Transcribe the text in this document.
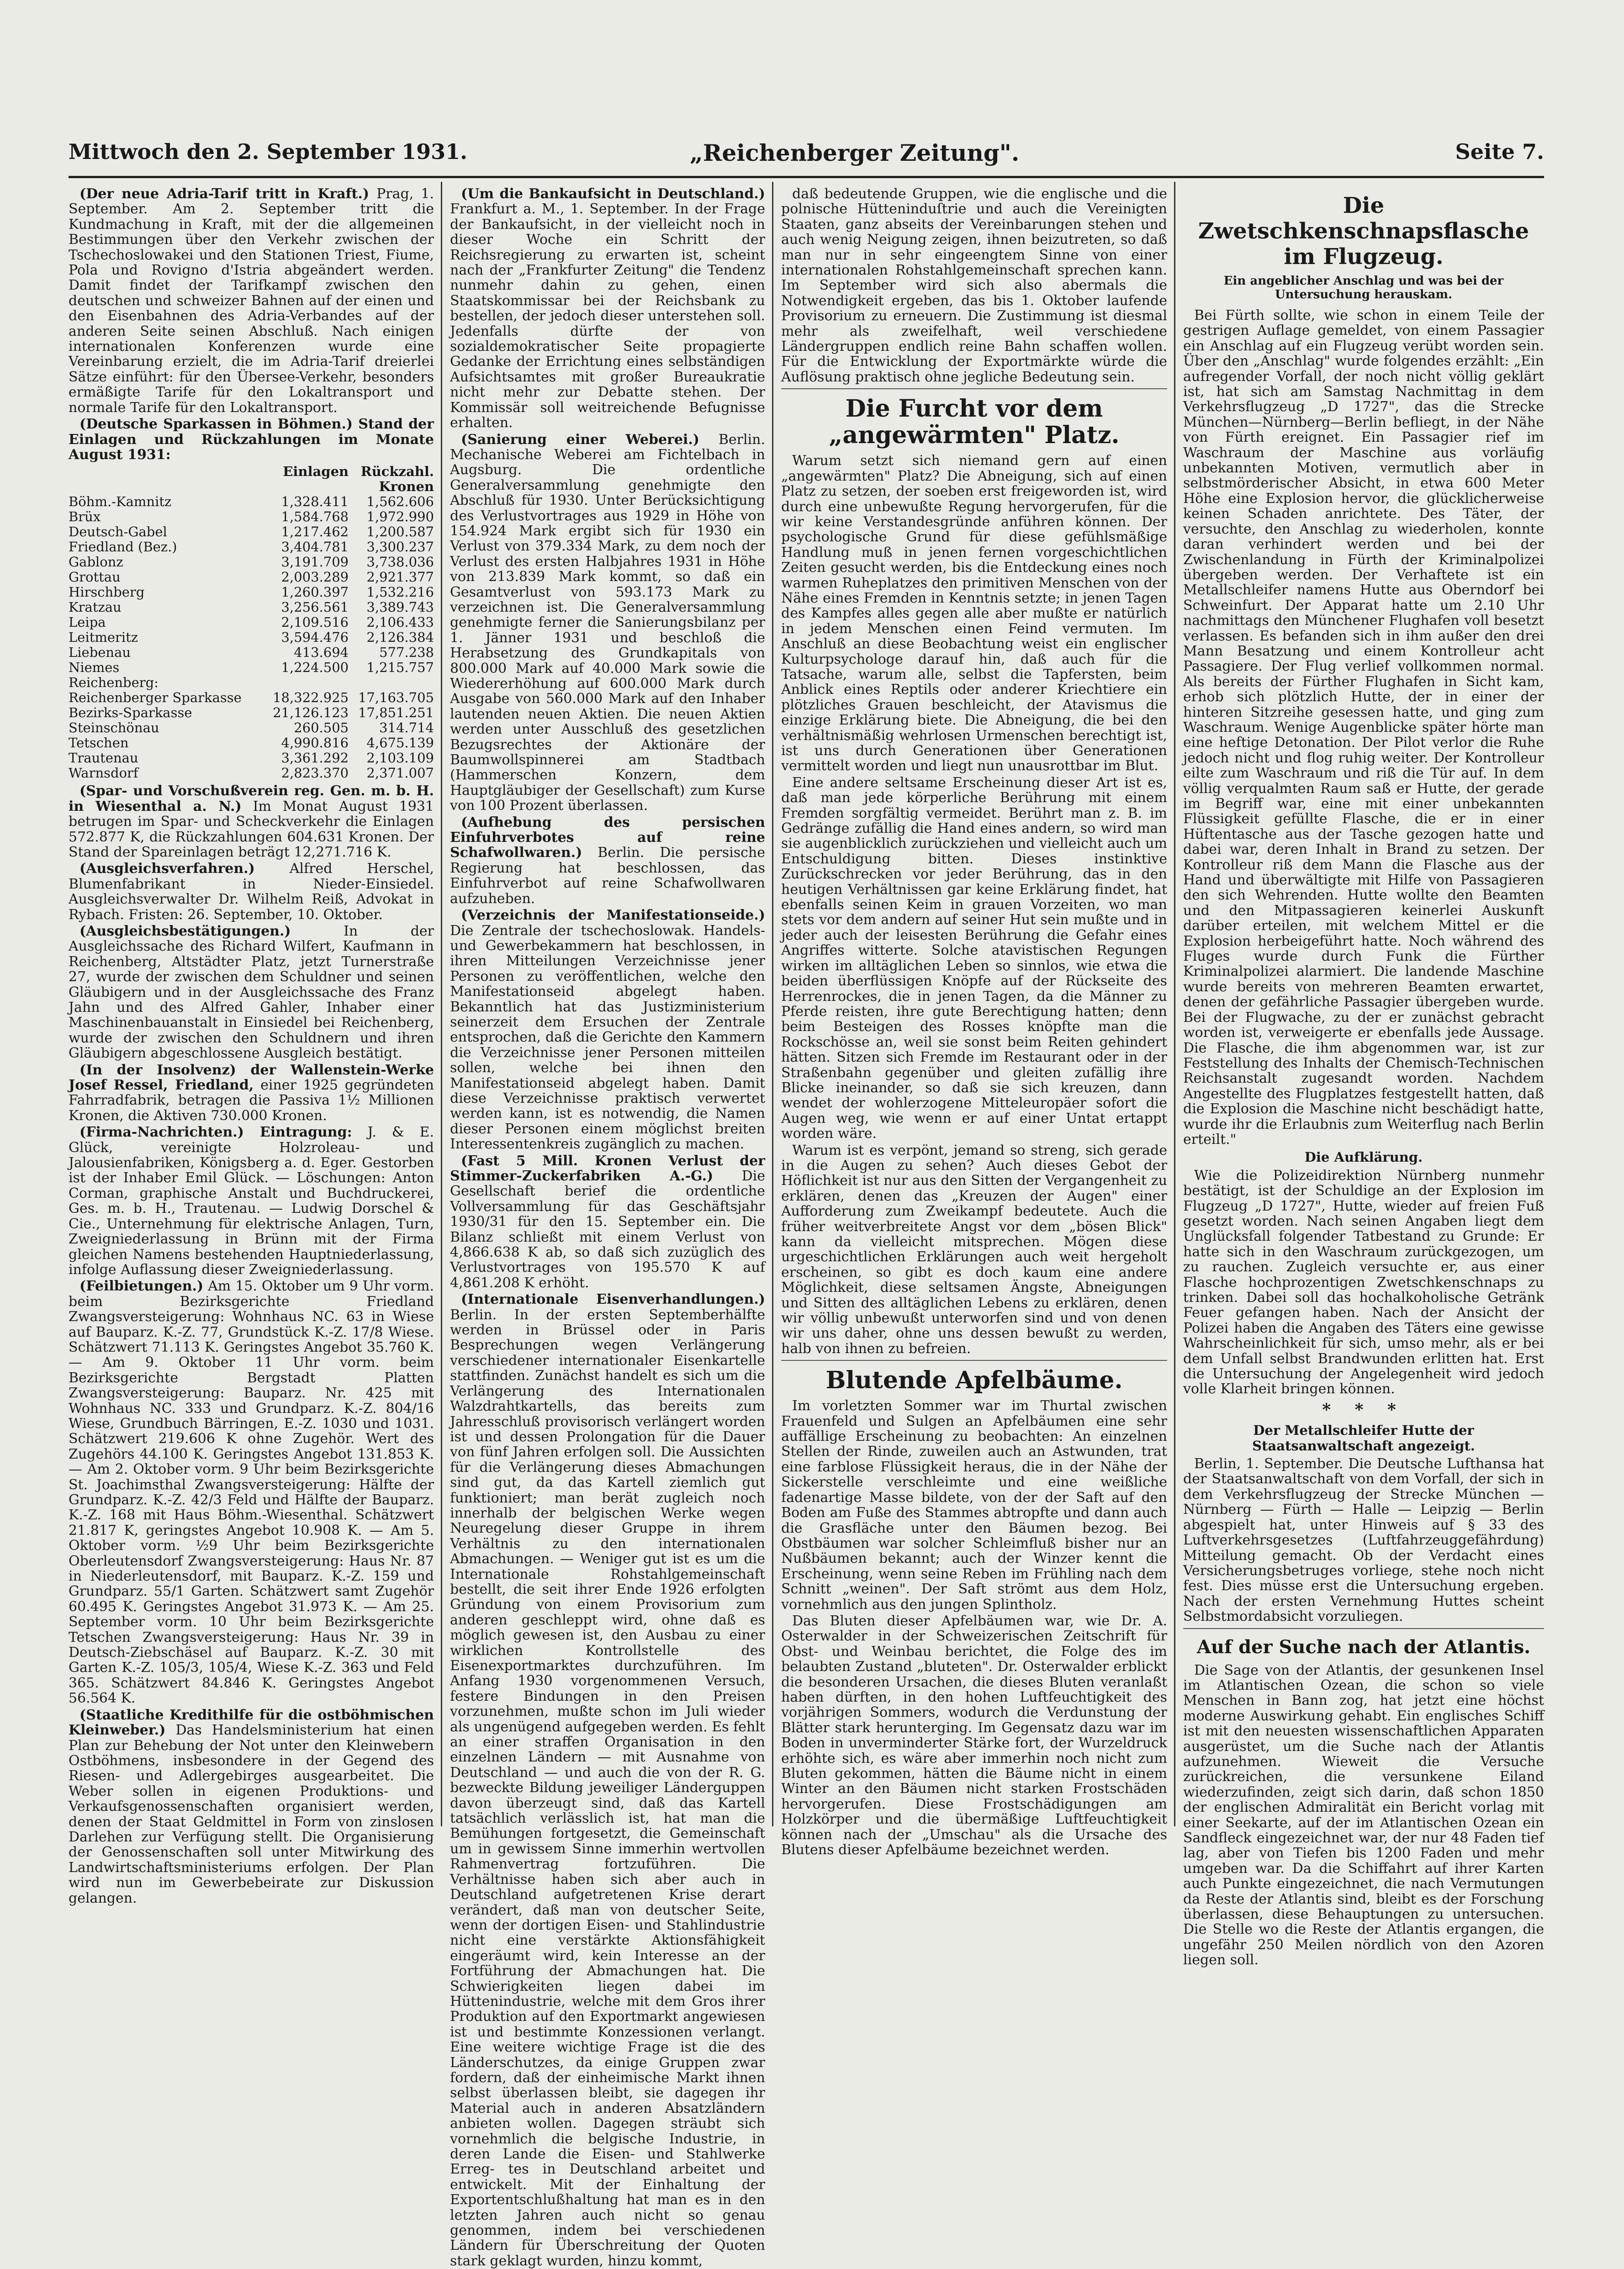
Mittwoch den 2. September 1931.	„Reichenberger Zeitung".	Seite 7.

(Der neue Adria-Tarif tritt in Kraft.) Prag, 1. September. Am 2. September tritt die Kundmachung in Kraft, mit der die allgemeinen Bestimmungen über den Verkehr zwischen der Tschechoslowakei und den Stationen Triest, Fiume, Pola und Rovigno d'Istria abgeändert werden. Damit findet der Tarifkampf zwischen den deutschen und schweizer Bahnen auf der einen und den Eisenbahnen des Adria-Verbandes auf der anderen Seite seinen Abschluß. Nach einigen internationalen Konferenzen wurde eine Vereinbarung erzielt, die im Adria-Tarif dreierlei Sätze einführt: für den Übersee-Verkehr, besonders ermäßigte Tarife für den Lokaltransport und normale Tarife für den Lokaltransport.

(Deutsche Sparkassen in Böhmen.) Stand der Einlagen und Rückzahlungen im Monate August 1931:

	Einlagen	Rückzahl.
Kronen		
Böhm.-Kamnitz	1,328.411	1,562.606
Brüx	1,584.768	1,972.990
Deutsch-Gabel	1,217.462	1,200.587
Friedland (Bez.)	3,404.781	3,300.237
Gablonz	3,191.709	3,738.036
Grottau	2,003.289	2,921.377
Hirschberg	1,260.397	1,532.216
Kratzau	3,256.561	3,389.743
Leipa	2,109.516	2,106.433
Leitmeritz	3,594.476	2,126.384
Liebenau	413.694	577.238
Niemes	1,224.500	1,215.757
Reichenberg:		
Reichenberger Sparkasse	18,322.925	17,163.705
Bezirks-Sparkasse	21,126.123	17,851.251
Steinschönau	260.505	314.714
Tetschen	4,990.816	4,675.139
Trautenau	3,361.292	2,103.109
Warnsdorf	2,823.370	2,371.007

(Spar- und Vorschußverein reg. Gen. m. b. H. in Wiesenthal a. N.) Im Monat August 1931 betrugen im Spar- und Scheckverkehr die Einlagen 572.877 K, die Rückzahlungen 604.631 Kronen. Der Stand der Spareinlagen beträgt 12,271.716 K.

(Ausgleichsverfahren.)	Alfred Herschel, Blumenfabrikant in Nieder-Einsiedel. Ausgleichsverwalter Dr. Wilhelm Reiß, Advokat in Rybach. Fristen: 26. September, 10. Oktober.

(Ausgleichsbestätigungen.)	In der Ausgleichssache des Richard Wilfert, Kaufmann in Reichenberg, Altstädter Platz, jetzt Turnerstraße 27, wurde der zwischen dem Schuldner und seinen Gläubigern und in der Ausgleichssache des Franz Jahn und des Alfred Gahler, Inhaber einer Maschinenbauanstalt in Einsiedel bei Reichenberg, wurde der zwischen den Schuldnern und ihren Gläubigern abgeschlossene Ausgleich bestätigt.

(In der Insolvenz) der Wallenstein-Werke Josef Ressel, Friedland, einer 1925 gegründeten Fahrradfabrik, betragen die Passiva 1½ Millionen Kronen, die Aktiven 730.000 Kronen.

(Firma-Nachrichten.) Eintragung: J. & E. Glück, vereinigte Holzroleau- und Jalousienfabriken, Königsberg a. d. Eger. Gestorben ist der Inhaber Emil Glück. — Löschungen: Anton Corman, graphische Anstalt und Buchdruckerei, Ges. m. b. H., Trautenau. — Ludwig Dorschel & Cie., Unternehmung für elektrische Anlagen, Turn, Zweigniederlassung in Brünn mit der Firma gleichen Namens bestehenden Hauptniederlassung, infolge Auflassung dieser Zweigniederlassung.

(Feilbietungen.) Am 15. Oktober um 9 Uhr vorm. beim Bezirksgerichte Friedland Zwangsversteigerung: Wohnhaus NC. 63 in Wiese auf Bauparz. K.-Z. 77, Grundstück K.-Z. 17/8 Wiese. Schätzwert 71.113 K. Geringstes Angebot 35.760 K. — Am 9. Oktober 11 Uhr vorm. beim Bezirksgerichte Bergstadt Platten Zwangsversteigerung: Bauparz. Nr. 425 mit Wohnhaus NC. 333 und Grundparz. K.-Z. 804/16 Wiese, Grundbuch Bärringen, E.-Z. 1030 und 1031. Schätzwert 219.606 K ohne Zugehör. Wert des Zugehörs 44.100 K. Geringstes Angebot 131.853 K. — Am 2. Oktober vorm. 9 Uhr beim Bezirksgerichte St. Joachimsthal Zwangsversteigerung: Hälfte der Grundparz. K.-Z. 42/3 Feld und Hälfte der Bauparz. K.-Z. 168 mit Haus Böhm.-Wiesenthal. Schätzwert 21.817 K, geringstes Angebot 10.908 K. — Am 5. Oktober vorm. ½9 Uhr beim Bezirksgerichte Oberleutensdorf Zwangsversteigerung: Haus Nr. 87 in Niederleutensdorf, mit Bauparz. K.-Z. 159 und Grundparz. 55/1 Garten. Schätzwert samt Zugehör 60.495 K. Geringstes Angebot 31.973 K. — Am 25. September vorm. 10 Uhr beim Bezirksgerichte Tetschen Zwangsversteigerung: Haus Nr. 39 in Deutsch-Ziebschäsel auf Bauparz. K.-Z. 30 mit Garten K.-Z. 105/3, 105/4, Wiese K.-Z. 363 und Feld 365. Schätzwert 84.846 K. Geringstes Angebot 56.564 K.

(Staatliche Kredithilfe für die ostböhmischen Kleinweber.) Das Handelsministerium hat einen Plan zur Behebung der Not unter den Kleinwebern Ostböhmens, insbesondere in der Gegend des Riesen- und Adlergebirges ausgearbeitet. Die Weber sollen in eigenen Produktions- und Verkaufsgenossenschaften organisiert werden, denen der Staat Geldmittel in Form von zinslosen Darlehen zur Verfügung stellt. Die Organisierung der Genossenschaften soll unter Mitwirkung des Landwirtschaftsministeriums erfolgen. Der Plan wird nun im Gewerbebeirate zur Diskussion gelangen.

(Um die Bankaufsicht in Deutschland.) Frankfurt a. M., 1. September. In der Frage der Bankaufsicht, in der vielleicht noch in dieser Woche ein Schritt der Reichsregierung zu erwarten ist, scheint nach der „Frankfurter Zeitung" die Tendenz nunmehr dahin zu gehen, einen Staatskommissar bei der Reichsbank zu bestellen, der jedoch dieser unterstehen soll. Jedenfalls dürfte der von sozialdemokratischer Seite propagierte Gedanke der Errichtung eines selbständigen Aufsichtsamtes mit großer Bureaukratie nicht mehr zur Debatte stehen. Der Kommissär soll weitreichende Befugnisse erhalten.

(Sanierung einer Weberei.) Berlin. Mechanische Weberei am Fichtelbach in Augsburg. Die ordentliche Generalversammlung genehmigte den Abschluß für 1930. Unter Berücksichtigung des Verlustvortrages aus 1929 in Höhe von 154.924 Mark ergibt sich für 1930 ein Verlust von 379.334 Mark, zu dem noch der Verlust des ersten Halbjahres 1931 in Höhe von 213.839 Mark kommt, so daß ein Gesamtverlust von 593.173 Mark zu verzeichnen ist. Die Generalversammlung genehmigte ferner die Sanierungsbilanz per 1. Jänner 1931 und beschloß die Herabsetzung des Grundkapitals von 800.000 Mark auf 40.000 Mark sowie die Wiedererhöhung auf 600.000 Mark durch Ausgabe von 560.000 Mark auf den Inhaber lautenden neuen Aktien. Die neuen Aktien werden unter Ausschluß des gesetzlichen Bezugsrechtes der Aktionäre der Baumwollspinnerei am Stadtbach (Hammerschen Konzern, dem Hauptgläubiger der Gesellschaft) zum Kurse von 100 Prozent überlassen.

(Aufhebung des persischen Einfuhrverbotes auf reine Schafwollwaren.) Berlin. Die persische Regierung hat beschlossen, das Einfuhrverbot auf reine Schafwollwaren aufzuheben.

(Verzeichnis der Manifestationseide.) Die Zentrale der tschechoslowak. Handels- und Gewerbekammern hat beschlossen, in ihren Mitteilungen Verzeichnisse jener Personen zu veröffentlichen, welche den Manifestationseid abgelegt haben. Bekanntlich hat das Justizministerium seinerzeit dem Ersuchen der Zentrale entsprochen, daß die Gerichte den Kammern die Verzeichnisse jener Personen mitteilen sollen, welche bei ihnen den Manifestationseid abgelegt haben. Damit diese Verzeichnisse praktisch verwertet werden kann, ist es notwendig, die Namen dieser Personen einem möglichst breiten Interessentenkreis zugänglich zu machen.

(Fast 5 Mill. Kronen Verlust der Stimmer-Zuckerfabriken A.-G.) Die Gesellschaft berief die ordentliche Vollversammlung für das Geschäftsjahr 1930/31 für den 15. September ein. Die Bilanz schließt mit einem Verlust von 4,866.638 K ab, so daß sich zuzüglich des Verlustvortrages von 195.570 K auf 4,861.208 K erhöht.

(Internationale Eisenverhandlungen.) Berlin. In der ersten Septemberhälfte werden in Brüssel oder in Paris Besprechungen wegen Verlängerung verschiedener internationaler Eisenkartelle stattfinden. Zunächst handelt es sich um die Verlängerung des Internationalen Walzdrahtkartells, das bereits zum Jahresschluß provisorisch verlängert worden ist und dessen Prolongation für die Dauer von fünf Jahren erfolgen soll. Die Aussichten für die Verlängerung dieses Abmachungen sind gut, da das Kartell ziemlich gut funktioniert; man berät zugleich noch innerhalb der belgischen Werke wegen Neuregelung dieser Gruppe in ihrem Verhältnis zu den internationalen Abmachungen. — Weniger gut ist es um die Internationale Rohstahlgemeinschaft bestellt, die seit ihrer Ende 1926 erfolgten Gründung von einem Provisorium zum anderen geschleppt wird, ohne daß es möglich gewesen ist, den Ausbau zu einer wirklichen Kontrollstelle des Eisenexportmarktes durchzuführen. Im Anfang 1930 vorgenommenen Versuch, festere Bindungen in den Preisen vorzunehmen, mußte schon im Juli wieder als ungenügend aufgegeben werden. Es fehlt an einer straffen Organisation in den einzelnen Ländern — mit Ausnahme von Deutschland — und auch die von der R. G. bezweckte Bildung jeweiliger Länderguppen davon überzeugt sind, daß das Kartell tatsächlich verlässlich ist, hat man die Bemühungen fortgesetzt, die Gemeinschaft um in gewissem Sinne immerhin wertvollen Rahmenvertrag fortzuführen. Die Verhältnisse haben sich aber auch in Deutschland aufgetretenen Krise derart verändert, daß man von deutscher Seite, wenn der dortigen Eisen- und Stahlindustrie nicht eine verstärkte Aktionsfähigkeit eingeräumt wird, kein Interesse an der Fortführung der Abmachungen hat. Die Schwierigkeiten liegen dabei im Hüttenindustrie, welche mit dem Gros ihrer Produktion auf den Exportmarkt angewiesen ist und bestimmte Konzessionen verlangt. Eine weitere wichtige Frage ist die des Länderschutzes, da einige Gruppen zwar fordern, daß der einheimische Markt ihnen selbst überlassen bleibt, sie dagegen ihr Material auch in anderen Absatzländern anbieten wollen. Dagegen sträubt sich vornehmlich die belgische Industrie, in deren Lande die Eisen- und Stahlwerke Erreg- tes in Deutschland arbeitet und entwickelt. Mit der Einhaltung der Exportentschlußhaltung hat man es in den letzten Jahren auch nicht so genau genommen, indem bei verschiedenen Ländern für Überschreitung der Quoten stark geklagt wurden, hinzu kommt,

daß bedeutende Gruppen, wie die englische und die polnische Hütteninduſtrie und auch die Vereinigten Staaten, ganz abseits der Vereinbarungen stehen und auch wenig Neigung zeigen, ihnen beizutreten, so daß man nur in sehr eingeengtem Sinne von einer internationalen Rohstahlgemeinschaft sprechen kann. Im September wird sich also abermals die Notwendigkeit ergeben, das bis 1. Oktober laufende Provisorium zu erneuern. Die Zustimmung ist diesmal mehr als zweifelhaft, weil verschiedene Ländergruppen endlich reine Bahn schaffen wollen. Für die Entwicklung der Exportmärkte würde die Auflösung praktisch ohne jegliche Bedeutung sein.

Die Furcht vor dem „angewärmten" Platz.

Warum setzt sich niemand gern auf einen „angewärmten" Platz? Die Abneigung, sich auf einen Platz zu setzen, der soeben erst freigeworden ist, wird durch eine unbewußte Regung hervorgerufen, für die wir keine Verstandesgründe anführen können. Der psychologische Grund für diese gefühlsmäßige Handlung muß in jenen fernen vorgeschichtlichen Zeiten gesucht werden, bis die Entdeckung eines noch warmen Ruheplatzes den primitiven Menschen von der Nähe eines Fremden in Kenntnis setzte; in jenen Tagen des Kampfes alles gegen alle aber mußte er natürlich in jedem Menschen einen Feind vermuten. Im Anschluß an diese Beobachtung weist ein englischer Kulturpsychologe darauf hin, daß auch für die Tatsache, warum alle, selbst die Tapfersten, beim Anblick eines Reptils oder anderer Kriechtiere ein plötzliches Grauen beschleicht, der Atavismus die einzige Erklärung biete. Die Abneigung, die bei den verhältnismäßig wehrlosen Urmenschen berechtigt ist, ist uns durch Generationen über Generationen vermittelt worden und liegt nun unausrottbar im Blut.

Eine andere seltsame Erscheinung dieser Art ist es, daß man jede körperliche Berührung mit einem Fremden sorgfältig vermeidet. Berührt man z. B. im Gedränge zufällig die Hand eines andern, so wird man sie augenblicklich zurückziehen und vielleicht auch um Entschuldigung bitten. Dieses instinktive Zurückschrecken vor jeder Berührung, das in den heutigen Verhältnissen gar keine Erklärung findet, hat ebenfalls seinen Keim in grauen Vorzeiten, wo man stets vor dem andern auf seiner Hut sein mußte und in jeder auch der leisesten Berührung die Gefahr eines Angriffes witterte. Solche atavistischen Regungen wirken im alltäglichen Leben so sinnlos, wie etwa die beiden überflüssigen Knöpfe auf der Rückseite des Herrenrockes, die in jenen Tagen, da die Männer zu Pferde reisten, ihre gute Berechtigung hatten; denn beim Besteigen des Rosses knöpfte man die Rockschösse an, weil sie sonst beim Reiten gehindert hätten. Sitzen sich Fremde im Restaurant oder in der Straßenbahn gegenüber und gleiten zufällig ihre Blicke ineinander, so daß sie sich kreuzen, dann wendet der wohlerzogene Mitteleuropäer sofort die Augen weg, wie wenn er auf einer Untat ertappt worden wäre.

Warum ist es verpönt, jemand so streng, sich gerade in die Augen zu sehen? Auch dieses Gebot der Höflichkeit ist nur aus den Sitten der Vergangenheit zu erklären, denen das „Kreuzen der Augen" einer Aufforderung zum Zweikampf bedeutete. Auch die früher weitverbreitete Angst vor dem „bösen Blick" kann da vielleicht mitsprechen. Mögen diese urgeschichtlichen Erklärungen auch weit hergeholt erscheinen, so gibt es doch kaum eine andere Möglichkeit, diese seltsamen Ängste, Abneigungen und Sitten des alltäglichen Lebens zu erklären, denen wir völlig unbewußt unterworfen sind und von denen wir uns daher, ohne uns dessen bewußt zu werden, halb von ihnen zu befreien.

Blutende Apfelbäume.

Im vorletzten Sommer war im Thurtal zwischen Frauenfeld und Sulgen an Apfelbäumen eine sehr auffällige Erscheinung zu beobachten: An einzelnen Stellen der Rinde, zuweilen auch an Astwunden, trat eine farblose Flüssigkeit heraus, die in der Nähe der Sickerstelle verschleimte und eine weißliche fadenartige Masse bildete, von der der Saft auf den Boden am Fuße des Stammes abtropfte und dann auch die Grasfläche unter den Bäumen bezog. Bei Obstbäumen war solcher Schleimfluß bisher nur an Nußbäumen bekannt; auch der Winzer kennt die Erscheinung, wenn seine Reben im Frühling nach dem Schnitt „weinen". Der Saft strömt aus dem Holz, vornehmlich aus den jungen Splintholz.

Das Bluten dieser Apfelbäumen war, wie Dr. A. Osterwalder in der Schweizerischen Zeitschrift für Obst- und Weinbau berichtet, die Folge des im belaubten Zustand „bluteten". Dr. Osterwalder erblickt die besonderen Ursachen, die dieses Bluten veranlaßt haben dürften, in den hohen Luftfeuchtigkeit des vorjährigen Sommers, wodurch die Verdunstung der Blätter stark herunterging. Im Gegensatz dazu war im Boden in unverminderter Stärke fort, der Wurzeldruck erhöhte sich, es wäre aber immerhin noch nicht zum Bluten gekommen, hätten die Bäume nicht in einem Winter an den Bäumen nicht starken Frostschäden hervorgerufen. Diese Frostschädigungen am Holzkörper und die übermäßige Luftfeuchtigkeit können nach der „Umschau" als die Ursache des Blutens dieser Apfelbäume bezeichnet werden.

Die Zwetschkenschnapsflasche im Flugzeug.
Ein angeblicher Anschlag und was bei der Untersuchung herauskam.

Bei Fürth sollte, wie schon in einem Teile der gestrigen Auflage gemeldet, von einem Passagier ein Anschlag auf ein Flugzeug verübt worden sein. Über den „Anschlag" wurde folgendes erzählt: „Ein aufregender Vorfall, der noch nicht völlig geklärt ist, hat sich am Samstag Nachmittag in dem Verkehrsflugzeug „D 1727", das die Strecke München—Nürnberg—Berlin befliegt, in der Nähe von Fürth ereignet. Ein Passagier rief im Waschraum der Maschine aus vorläufig unbekannten Motiven, vermutlich aber in selbstmörderischer Absicht, in etwa 600 Meter Höhe eine Explosion hervor, die glücklicherweise keinen Schaden anrichtete. Des Täter, der versuchte, den Anschlag zu wiederholen, konnte daran verhindert werden und bei der Zwischenlandung in Fürth der Kriminalpolizei übergeben werden. Der Verhaftete ist ein Metallschleifer namens Hutte aus Oberndorf bei Schweinfurt. Der Apparat hatte um 2.10 Uhr nachmittags den Münchener Flughafen voll besetzt verlassen. Es befanden sich in ihm außer den drei Mann Besatzung und einem Kontrolleur acht Passagiere. Der Flug verlief vollkommen normal. Als bereits der Fürther Flughafen in Sicht kam, erhob sich plötzlich Hutte, der in einer der hinteren Sitzreihe gesessen hatte, und ging zum Waschraum. Wenige Augenblicke später hörte man eine heftige Detonation. Der Pilot verlor die Ruhe jedoch nicht und flog ruhig weiter. Der Kontrolleur eilte zum Waschraum und riß die Tür auf. In dem völlig verqualmten Raum saß er Hutte, der gerade im Begriff war, eine mit einer unbekannten Flüssigkeit gefüllte Flasche, die er in einer Hüftentasche aus der Tasche gezogen hatte und dabei war, deren Inhalt in Brand zu setzen. Der Kontrolleur riß dem Mann die Flasche aus der Hand und überwältigte mit Hilfe von Passagieren den sich Wehrenden. Hutte wollte den Beamten und den Mitpassagieren keinerlei Auskunft darüber erteilen, mit welchem Mittel er die Explosion herbeigeführt hatte. Noch während des Fluges wurde durch Funk die Fürther Kriminalpolizei alarmiert. Die landende Maschine wurde bereits von mehreren Beamten erwartet, denen der gefährliche Passagier übergeben wurde. Bei der Flugwache, zu der er zunächst gebracht worden ist, verweigerte er ebenfalls jede Aussage. Die Flasche, die ihm abgenommen war, ist zur Feststellung des Inhalts der Chemisch-Technischen Reichsanstalt zugesandt worden. Nachdem Angestellte des Flugplatzes festgestellt hatten, daß die Explosion die Maschine nicht beschädigt hatte, wurde ihr die Erlaubnis zum Weiterflug nach Berlin erteilt."

Die Aufklärung.

Wie die Polizeidirektion Nürnberg nunmehr bestätigt, ist der Schuldige an der Explosion im Flugzeug „D 1727", Hutte, wieder auf freien Fuß gesetzt worden. Nach seinen Angaben liegt dem Unglücksfall folgender Tatbestand zu Grunde: Er hatte sich in den Waschraum zurückgezogen, um zu rauchen. Zugleich versuchte er, aus einer Flasche hochprozentigen Zwetschkenschnaps zu trinken. Dabei soll das hochalkoholische Getränk Feuer gefangen haben. Nach der Ansicht der Polizei haben die Angaben des Täters eine gewisse Wahrscheinlichkeit für sich, umso mehr, als er bei dem Unfall selbst Brandwunden erlitten hat. Erst die Untersuchung der Angelegenheit wird jedoch volle Klarheit bringen können.

* * *
Der Metallschleifer Hutte der Staatsanwaltschaft angezeigt.

Berlin, 1. September. Die Deutsche Lufthansa hat der Staatsanwaltschaft von dem Vorfall, der sich in dem Verkehrsflugzeug der Strecke München — Nürnberg — Fürth — Halle — Leipzig — Berlin abgespielt hat, unter Hinweis auf § 33 des Luftverkehrsgesetzes (Luftfahrzeuggefährdung) Mitteilung gemacht. Ob der Verdacht eines Versicherungsbetruges vorliege, stehe noch nicht fest. Dies müsse erst die Untersuchung ergeben. Nach der ersten Vernehmung Huttes scheint Selbstmordabsicht vorzuliegen.

Auf der Suche nach der Atlantis.

Die Sage von der Atlantis, der gesunkenen Insel im Atlantischen Ozean, die schon so viele Menschen in Bann zog, hat jetzt eine höchst moderne Auswirkung gehabt. Ein englisches Schiff ist mit den neuesten wissenschaftlichen Apparaten ausgerüstet, um die Suche nach der Atlantis aufzunehmen. Wieweit die Versuche zurückreichen, die versunkene Eiland wiederzufinden, zeigt sich darin, daß schon 1850 der englischen Admiralität ein Bericht vorlag mit einer Seekarte, auf der im Atlantischen Ozean ein Sandfleck eingezeichnet war, der nur 48 Faden tief lag, aber von Tiefen bis 1200 Faden und mehr umgeben war. Da die Schiffahrt auf ihrer Karten auch Punkte eingezeichnet, die nach Vermutungen da Reste der Atlantis sind, bleibt es der Forschung überlassen, diese Behauptungen zu untersuchen. Die Stelle wo die Reste der Atlantis ergangen, die ungefähr 250 Meilen nördlich von den Azoren liegen soll.
